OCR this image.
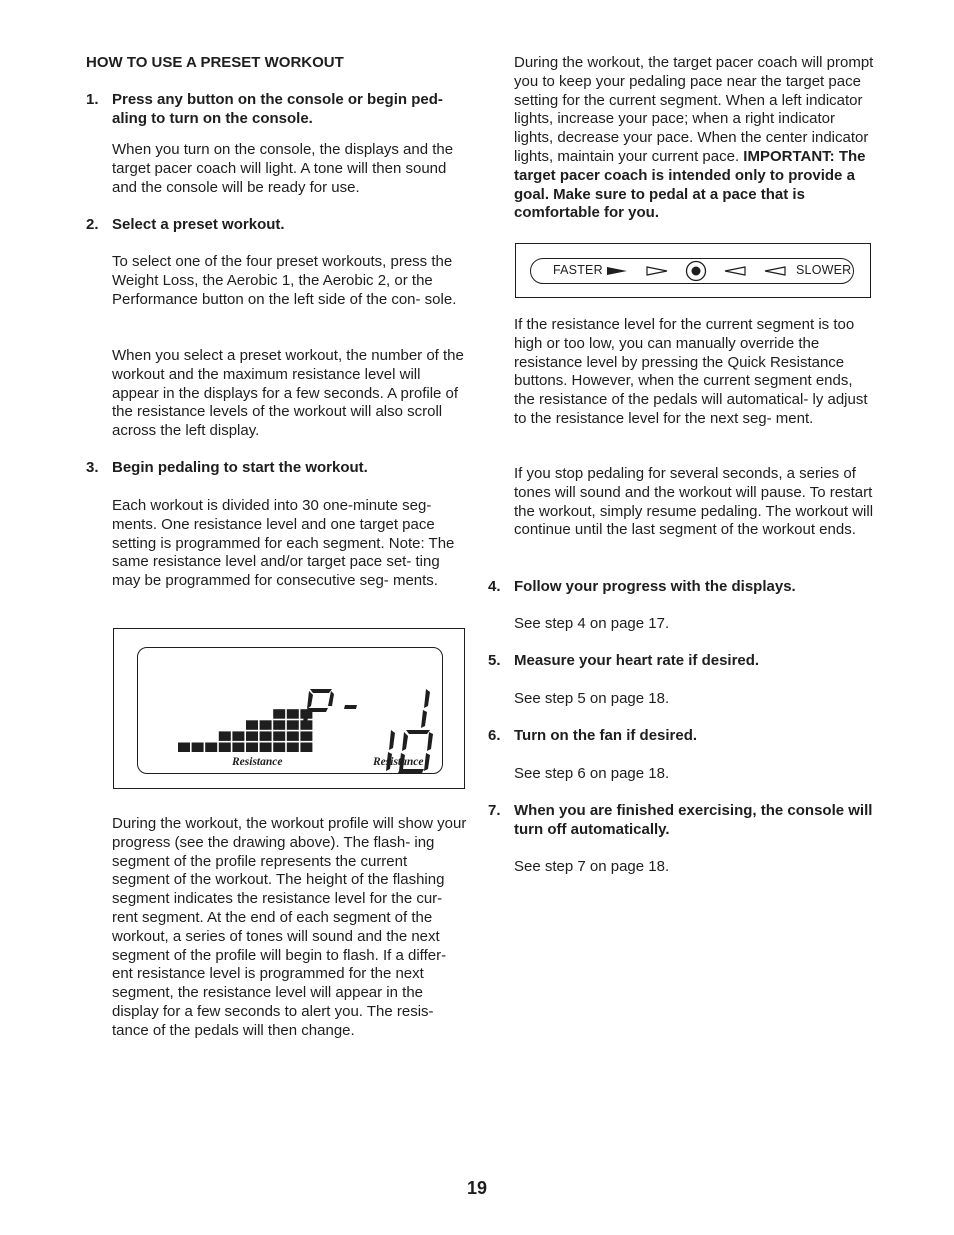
HOW TO USE A PRESET WORKOUT

1. Press any button on the console or begin ped- aling to turn on the console.

When you turn on the console, the displays and the target pacer coach will light. A tone will then sound and the console will be ready for use.

2. Select a preset workout.

To select one of the four preset workouts, press the Weight Loss, the Aerobic 1, the Aerobic 2, or the Performance button on the left side of the con- sole.

When you select a preset workout, the number of the workout and the maximum resistance level will appear in the displays for a few seconds. A profile of the resistance levels of the workout will also scroll across the left display.

3. Begin pedaling to start the workout.

Each workout is divided into 30 one-minute seg- ments. One resistance level and one target pace setting is programmed for each segment. Note: The same resistance level and/or target pace set- ting may be programmed for consecutive seg- ments.

During the workout, the workout profile will show your progress (see the drawing above). The flash- ing segment of the profile represents the current segment of the workout. The height of the flashing segment indicates the resistance level for the cur- rent segment. At the end of each segment of the workout, a series of tones will sound and the next segment of the profile will begin to flash. If a differ- ent resistance level is programmed for the next segment, the resistance level will appear in the display for a few seconds to alert you. The resis- tance of the pedals will then change.

Resistance	Resistance

During the workout, the target pacer coach will prompt you to keep your pedaling pace near the target pace setting for the current segment. When a left indicator lights, increase your pace; when a right indicator lights, decrease your pace. When the center indicator lights, maintain your current pace. IMPORTANT: The target pacer coach is intended only to provide a goal. Make sure to pedal at a pace that is comfortable for you.

If the resistance level for the current segment is too high or too low, you can manually override the resistance level by pressing the Quick Resistance buttons. However, when the current segment ends, the resistance of the pedals will automatical- ly adjust to the resistance level for the next seg- ment.

If you stop pedaling for several seconds, a series of tones will sound and the workout will pause. To restart the workout, simply resume pedaling. The workout will continue until the last segment of the workout ends.

4. Follow your progress with the displays.

See step 4 on page 17.

5. Measure your heart rate if desired.

See step 5 on page 18.

6. Turn on the fan if desired.

See step 6 on page 18.

7. When you are finished exercising, the console will turn off automatically.

See step 7 on page 18.

FASTER	SLOWER
19
